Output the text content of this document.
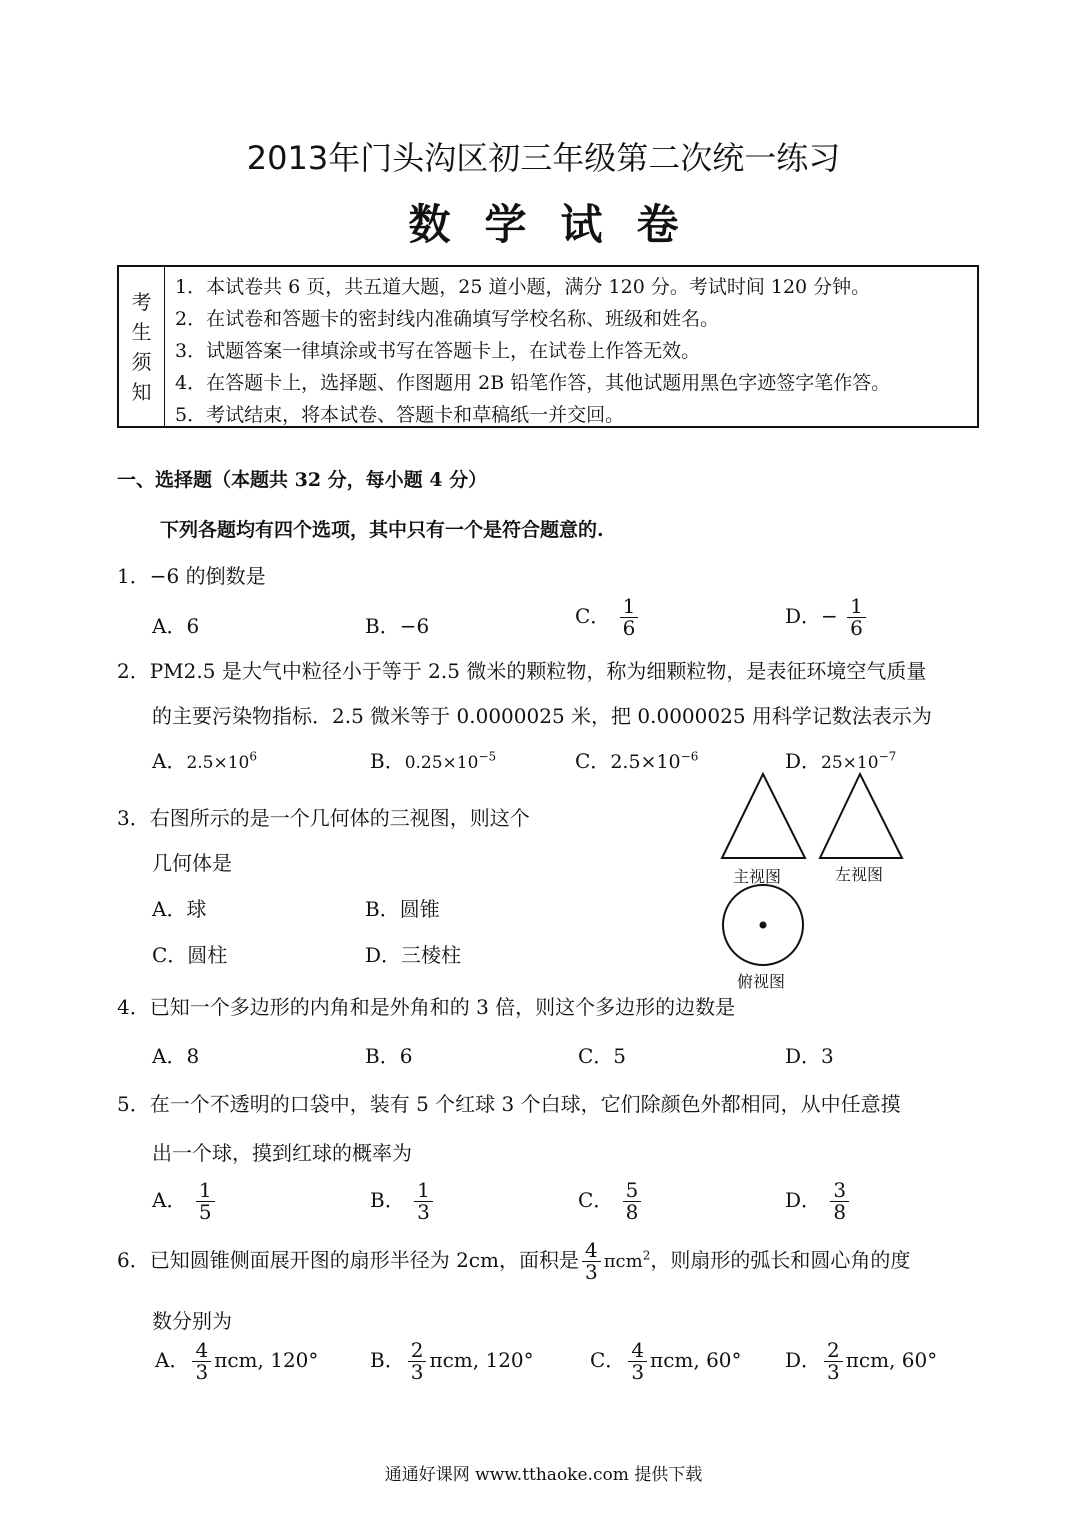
2013年门头沟区初三年级第二次统一练习
数学试卷
考
生
须
知
1．本试卷共 6 页，共五道大题，25 道小题，满分 120 分。考试时间 120 分钟。
2．在试卷和答题卡的密封线内准确填写学校名称、班级和姓名。
3．试题答案一律填涂或书写在答题卡上，在试卷上作答无效。
4．在答题卡上，选择题、作图题用 2B 铅笔作答，其他试题用黑色字迹签字笔作答。
5．考试结束，将本试卷、答题卡和草稿纸一并交回。
一、选择题（本题共 32 分，每小题 4 分）
下列各题均有四个选项，其中只有一个是符合题意的.
1．−6 的倒数是
A．6	B．−6	C． $\frac{1}{6}$	D．− $\frac{1}{6}$
2．PM2.5 是大气中粒径小于等于 2.5 微米的颗粒物，称为细颗粒物，是表征环境空气质量
的主要污染物指标．2.5 微米等于 0.0000025 米，把 0.0000025 用科学记数法表示为
A．$2.5\times 10^6$	B．$0.25\times 10^{-5}$	C．$2.5\times 10^{-6}$	D．$25\times 10^{-7}$
3．右图所示的是一个几何体的三视图，则这个
几何体是
A．球	B．圆锥
C．圆柱	D．三棱柱
主视图	左视图
俯视图
4．已知一个多边形的内角和是外角和的 3 倍，则这个多边形的边数是
A．8	B．6	C．5	D．3
5．在一个不透明的口袋中，装有 5 个红球 3 个白球，它们除颜色外都相同，从中任意摸
出一个球，摸到红球的概率为
A． $\frac{1}{5}$	B． $\frac{1}{3}$	C． $\frac{5}{8}$	D． $\frac{3}{8}$
6．已知圆锥侧面展开图的扇形半径为 2cm，面积是 $\frac{4}{3} \pi cm^2$，则扇形的弧长和圆心角的度
数分别为
A． $\frac{4}{3} \pi cm$, 120°	B． $\frac{2}{3} \pi cm$, 120°	C． $\frac{4}{3} \pi cm$, 60° D． $\frac{2}{3} \pi cm$, 60°
通通好课网 www.tthaoke.com 提供下载
